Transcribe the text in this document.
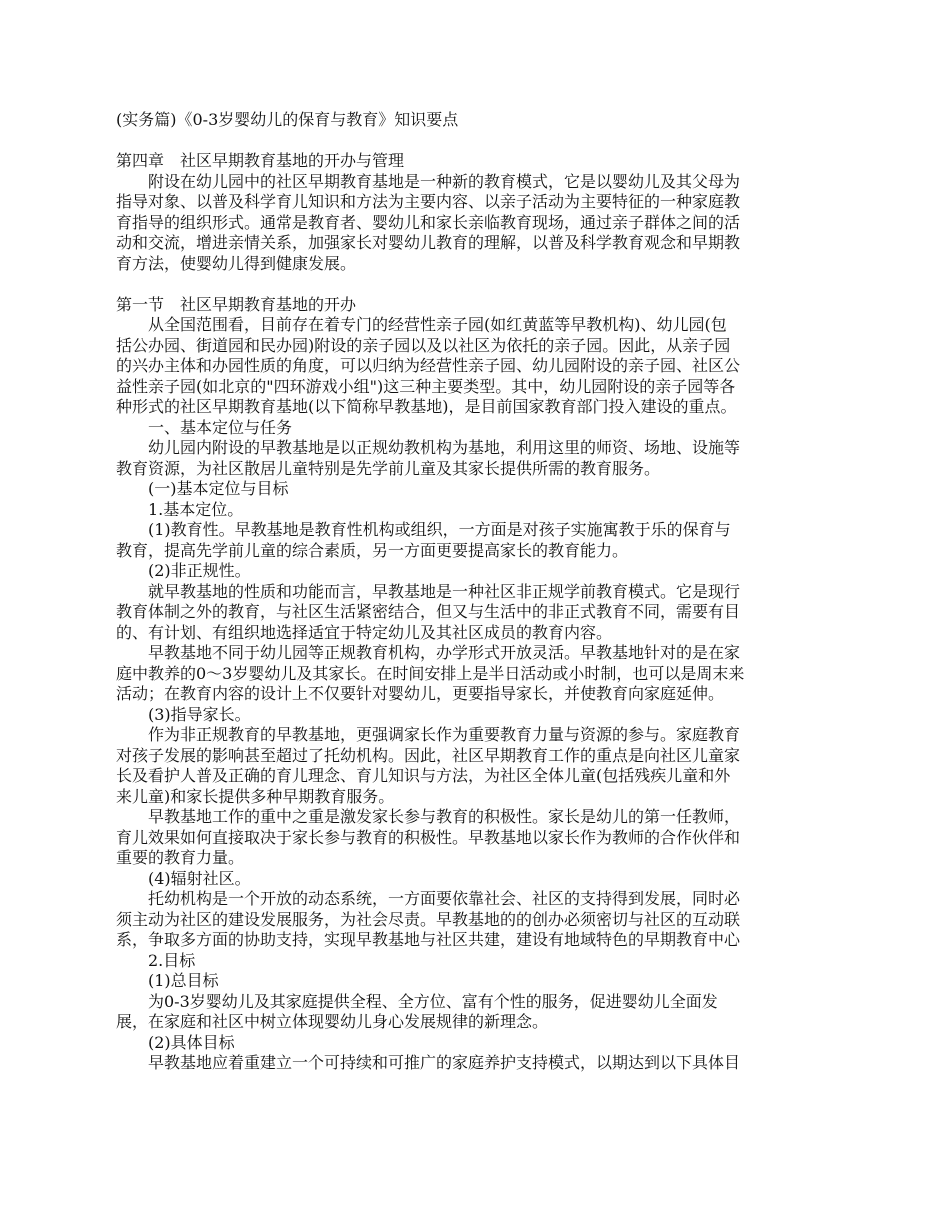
(实务篇)《0-3岁婴幼儿的保育与教育》知识要点
第四章　社区早期教育基地的开办与管理
附设在幼儿园中的社区早期教育基地是一种新的教育模式，它是以婴幼儿及其父母为
指导对象、以普及科学育儿知识和方法为主要内容、以亲子活动为主要特征的一种家庭教
育指导的组织形式。通常是教育者、婴幼儿和家长亲临教育现场，通过亲子群体之间的活
动和交流，增进亲情关系，加强家长对婴幼儿教育的理解，以普及科学教育观念和早期教
育方法，使婴幼儿得到健康发展。
第一节　社区早期教育基地的开办
从全国范围看，目前存在着专门的经营性亲子园(如红黄蓝等早教机构)、幼儿园(包
括公办园、街道园和民办园)附设的亲子园以及以社区为依托的亲子园。因此，从亲子园
的兴办主体和办园性质的角度，可以归纳为经营性亲子园、幼儿园附设的亲子园、社区公
益性亲子园(如北京的"四环游戏小组")这三种主要类型。其中，幼儿园附设的亲子园等各
种形式的社区早期教育基地(以下简称早教基地)，是目前国家教育部门投入建设的重点。
一、基本定位与任务
幼儿园内附设的早教基地是以正规幼教机构为基地，利用这里的师资、场地、设施等
教育资源，为社区散居儿童特别是先学前儿童及其家长提供所需的教育服务。
(一)基本定位与目标
1.基本定位。
(1)教育性。早教基地是教育性机构或组织，一方面是对孩子实施寓教于乐的保育与
教育，提高先学前儿童的综合素质，另一方面更要提高家长的教育能力。
(2)非正规性。
就早教基地的性质和功能而言，早教基地是一种社区非正规学前教育模式。它是现行
教育体制之外的教育，与社区生活紧密结合，但又与生活中的非正式教育不同，需要有目
的、有计划、有组织地选择适宜于特定幼儿及其社区成员的教育内容。
早教基地不同于幼儿园等正规教育机构，办学形式开放灵活。早教基地针对的是在家
庭中教养的0～3岁婴幼儿及其家长。在时间安排上是半日活动或小时制，也可以是周末来
活动；在教育内容的设计上不仅要针对婴幼儿，更要指导家长，并使教育向家庭延伸。
(3)指导家长。
作为非正规教育的早教基地，更强调家长作为重要教育力量与资源的参与。家庭教育
对孩子发展的影响甚至超过了托幼机构。因此，社区早期教育工作的重点是向社区儿童家
长及看护人普及正确的育儿理念、育儿知识与方法，为社区全体儿童(包括残疾儿童和外
来儿童)和家长提供多种早期教育服务。
早教基地工作的重中之重是激发家长参与教育的积极性。家长是幼儿的第一任教师，
育儿效果如何直接取决于家长参与教育的积极性。早教基地以家长作为教师的合作伙伴和
重要的教育力量。
(4)辐射社区。
托幼机构是一个开放的动态系统，一方面要依靠社会、社区的支持得到发展，同时必
须主动为社区的建设发展服务，为社会尽责。早教基地的的创办必须密切与社区的互动联
系，争取多方面的协助支持，实现早教基地与社区共建，建设有地域特色的早期教育中心
2.目标
(1)总目标
为0-3岁婴幼儿及其家庭提供全程、全方位、富有个性的服务，促进婴幼儿全面发
展，在家庭和社区中树立体现婴幼儿身心发展规律的新理念。
(2)具体目标
早教基地应着重建立一个可持续和可推广的家庭养护支持模式，以期达到以下具体目
